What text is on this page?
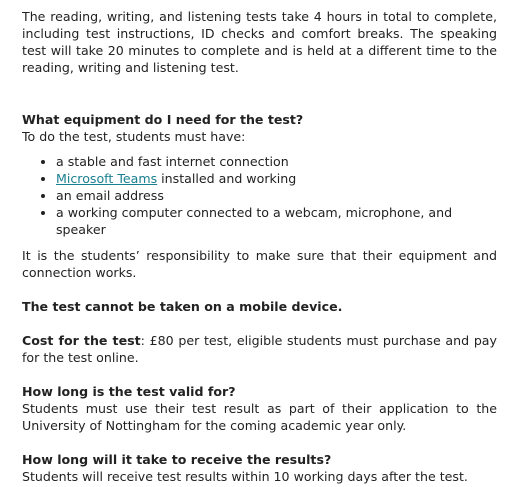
The reading, writing, and listening tests take 4 hours in total to complete, including test instructions, ID checks and comfort breaks. The speaking test will take 20 minutes to complete and is held at a different time to the reading, writing and listening test.

What equipment do I need for the test?

To do the test, students must have:

• a stable and fast internet connection
• Microsoft Teams installed and working
• an email address
• a working computer connected to a webcam, microphone, and speaker

It is the students’ responsibility to make sure that their equipment and connection works.

The test cannot be taken on a mobile device.

Cost for the test: £80 per test, eligible students must purchase and pay for the test online.

How long is the test valid for?

Students must use their test result as part of their application to the University of Nottingham for the coming academic year only.

How long will it take to receive the results?

Students will receive test results within 10 working days after the test.
